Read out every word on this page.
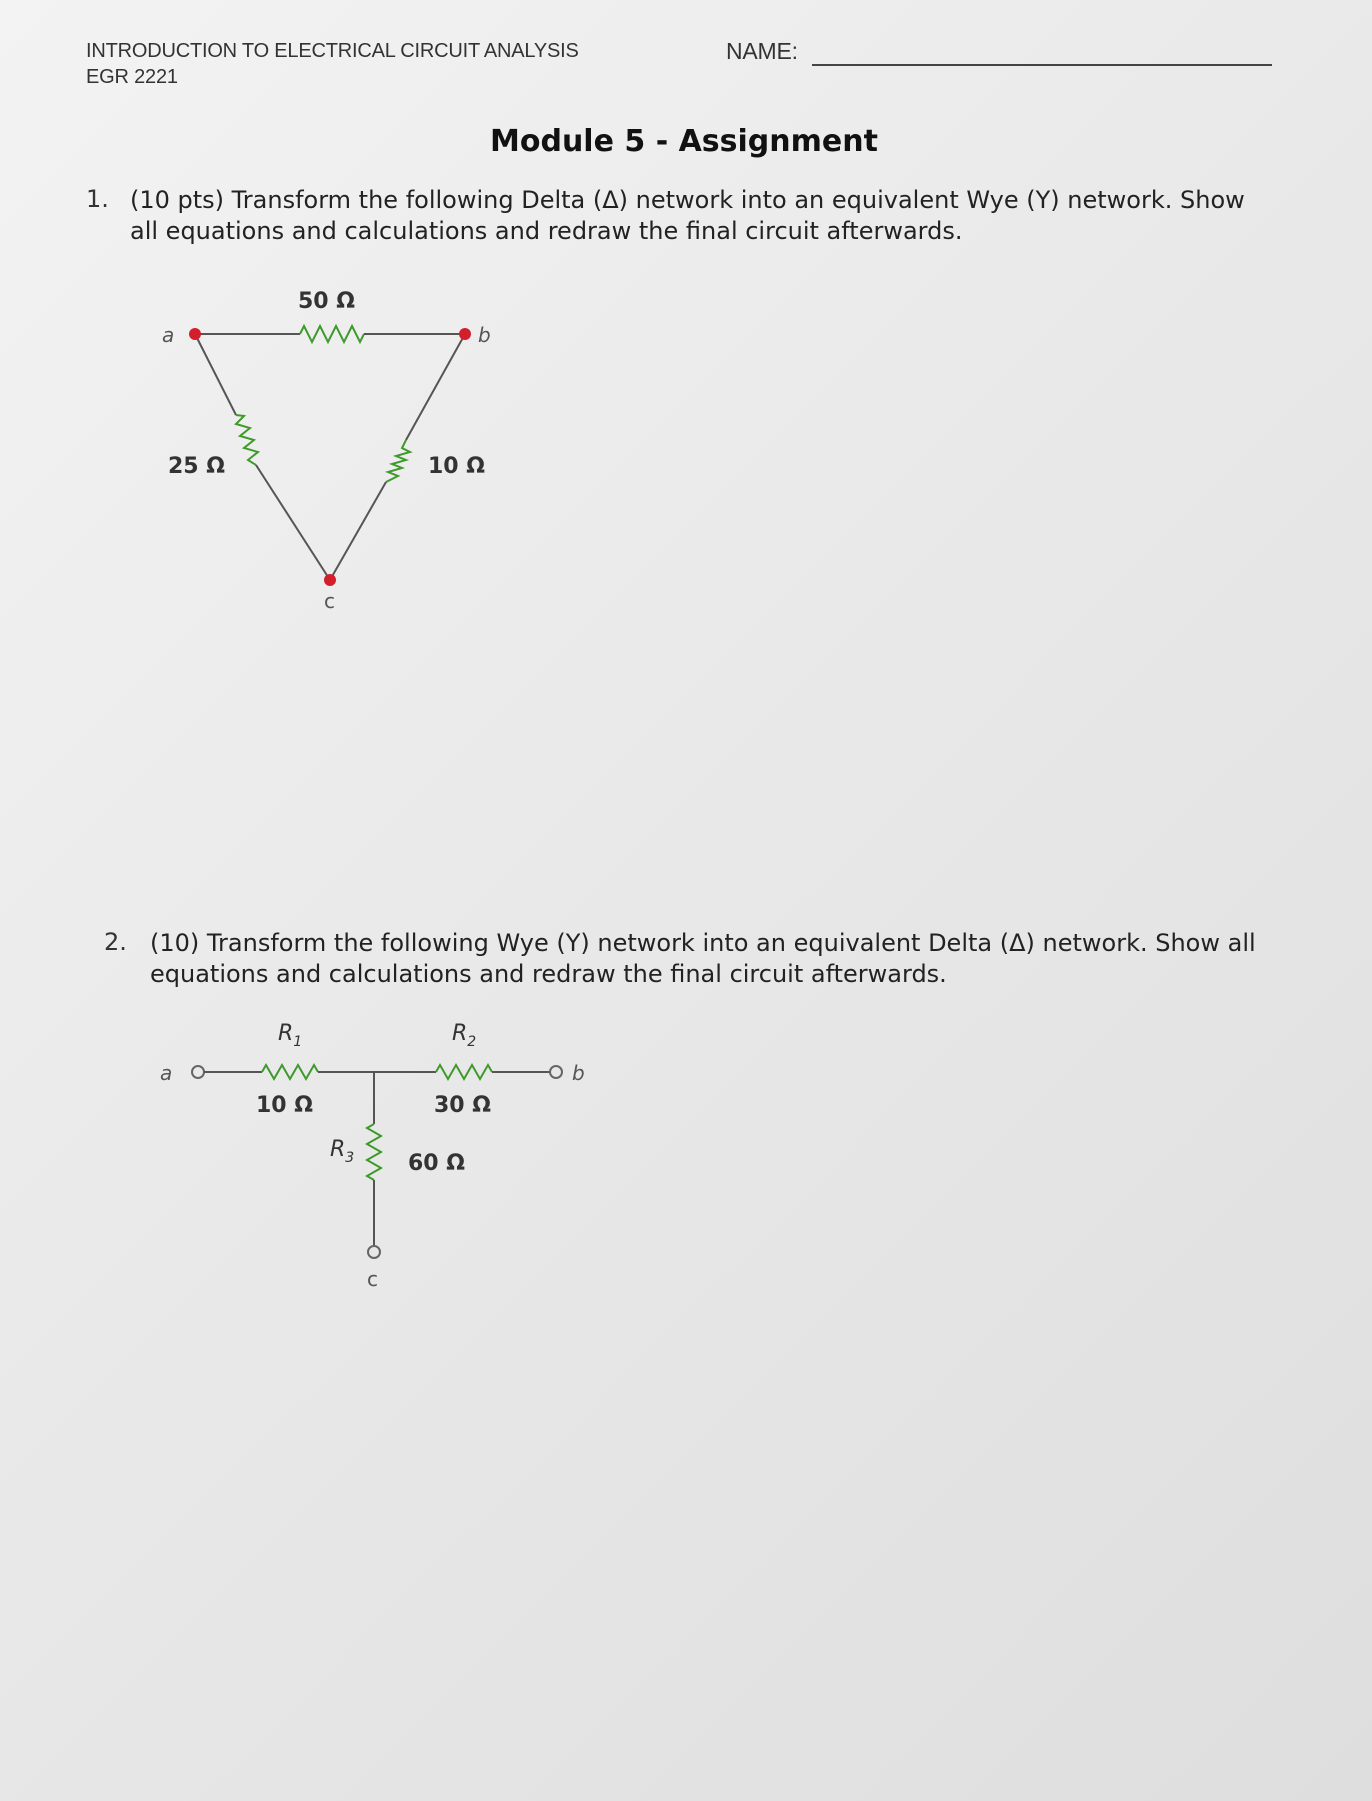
INTRODUCTION TO ELECTRICAL CIRCUIT ANALYSIS
EGR 2221
NAME:
Module 5 - Assignment
1. (10 pts) Transform the following Delta (Δ) network into an equivalent Wye (Y) network. Show
all equations and calculations and redraw the final circuit afterwards.
a	b
c
50 Ω
25 Ω	10 Ω
2. (10) Transform the following Wye (Y) network into an equivalent Delta (Δ) network. Show all
equations and calculations and redraw the final circuit afterwards.
a	b
c
$R_1$	$R_2$
$R_3$
10 Ω	30 Ω
60 Ω
